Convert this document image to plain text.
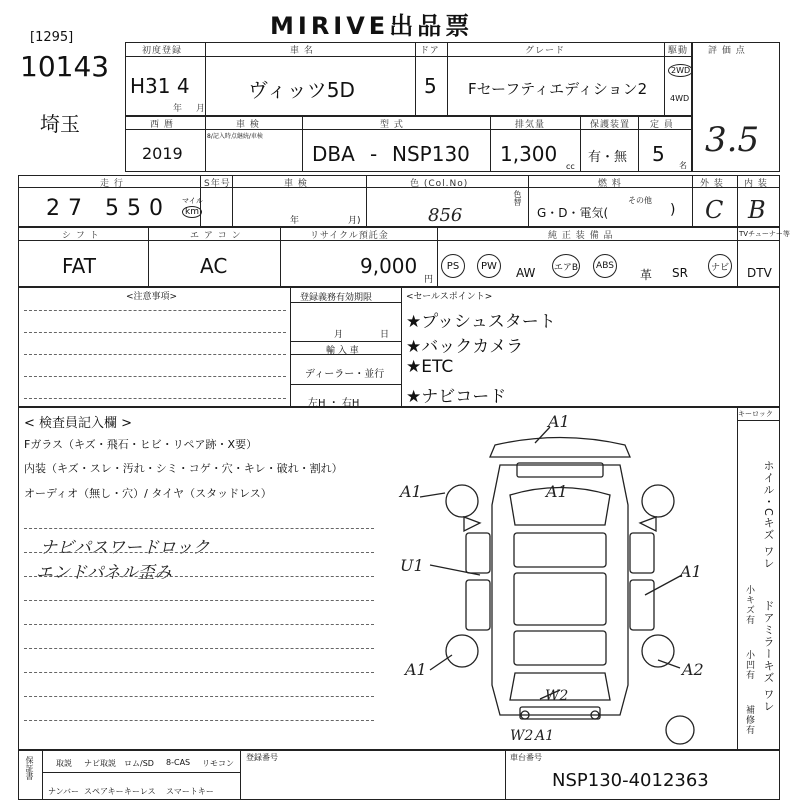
MIRIVE出品票
[1295]
10143
埼玉
初度登録
H31 4
年 月
車 名
ヴィッツ5D
ドア
5
グレード
Fセーフティエディション2
駆動
2WD
4WD
評 価 点
3.5
西 暦
2019
車 検
8/記入時点継続/車検
型 式
DBA - NSP130
排気量
1,300
cc
保護装置
有・無
定 員
5 名
走 行
27 550 マイル
km
S年号	車 検
年	月)
色 (Col.No)
856
色替
燃 料
G・D・電気(
その他
)
外 装
C
内 装
B
シ フ ト
FAT
エ ア コ ン
AC
リサイクル預託金
9,000
円
純 正 装 備 品	TVチューナー等
PS	PW	AW エアB	ABS
革 SR	ナビ DTV
<注意事項>	登録義務有効期限
月	日
輸 入 車
ディーラー・並行
左H ・ 右H
<セールスポイント>
★プッシュスタート
★バックカメラ
★ETC
★ナビコード
< 検査員記入欄 >
Fガラス（キズ・飛石・ヒビ・リペア跡・X要）
内装（キズ・スレ・汚れ・シミ・コゲ・穴・キレ・破れ・割れ）
オーディオ（無し・穴）/ タイヤ（スタッドレス）
ナビパスワードロック
エンドパネル歪み
A1
A1	A1
U1	A1
A1	A2
W2
W2 A1
キーロック
ホイル・Cキズ ワレ
ドアミラーキズ ワレ
小キズ有
小凹有
補修有
保証書	取説 ナビ取説 ロム/SD 8-CAS リモコン
ナンバー スペアキー キーレス スマートキー
登録番号	車台番号
NSP130-4012363
